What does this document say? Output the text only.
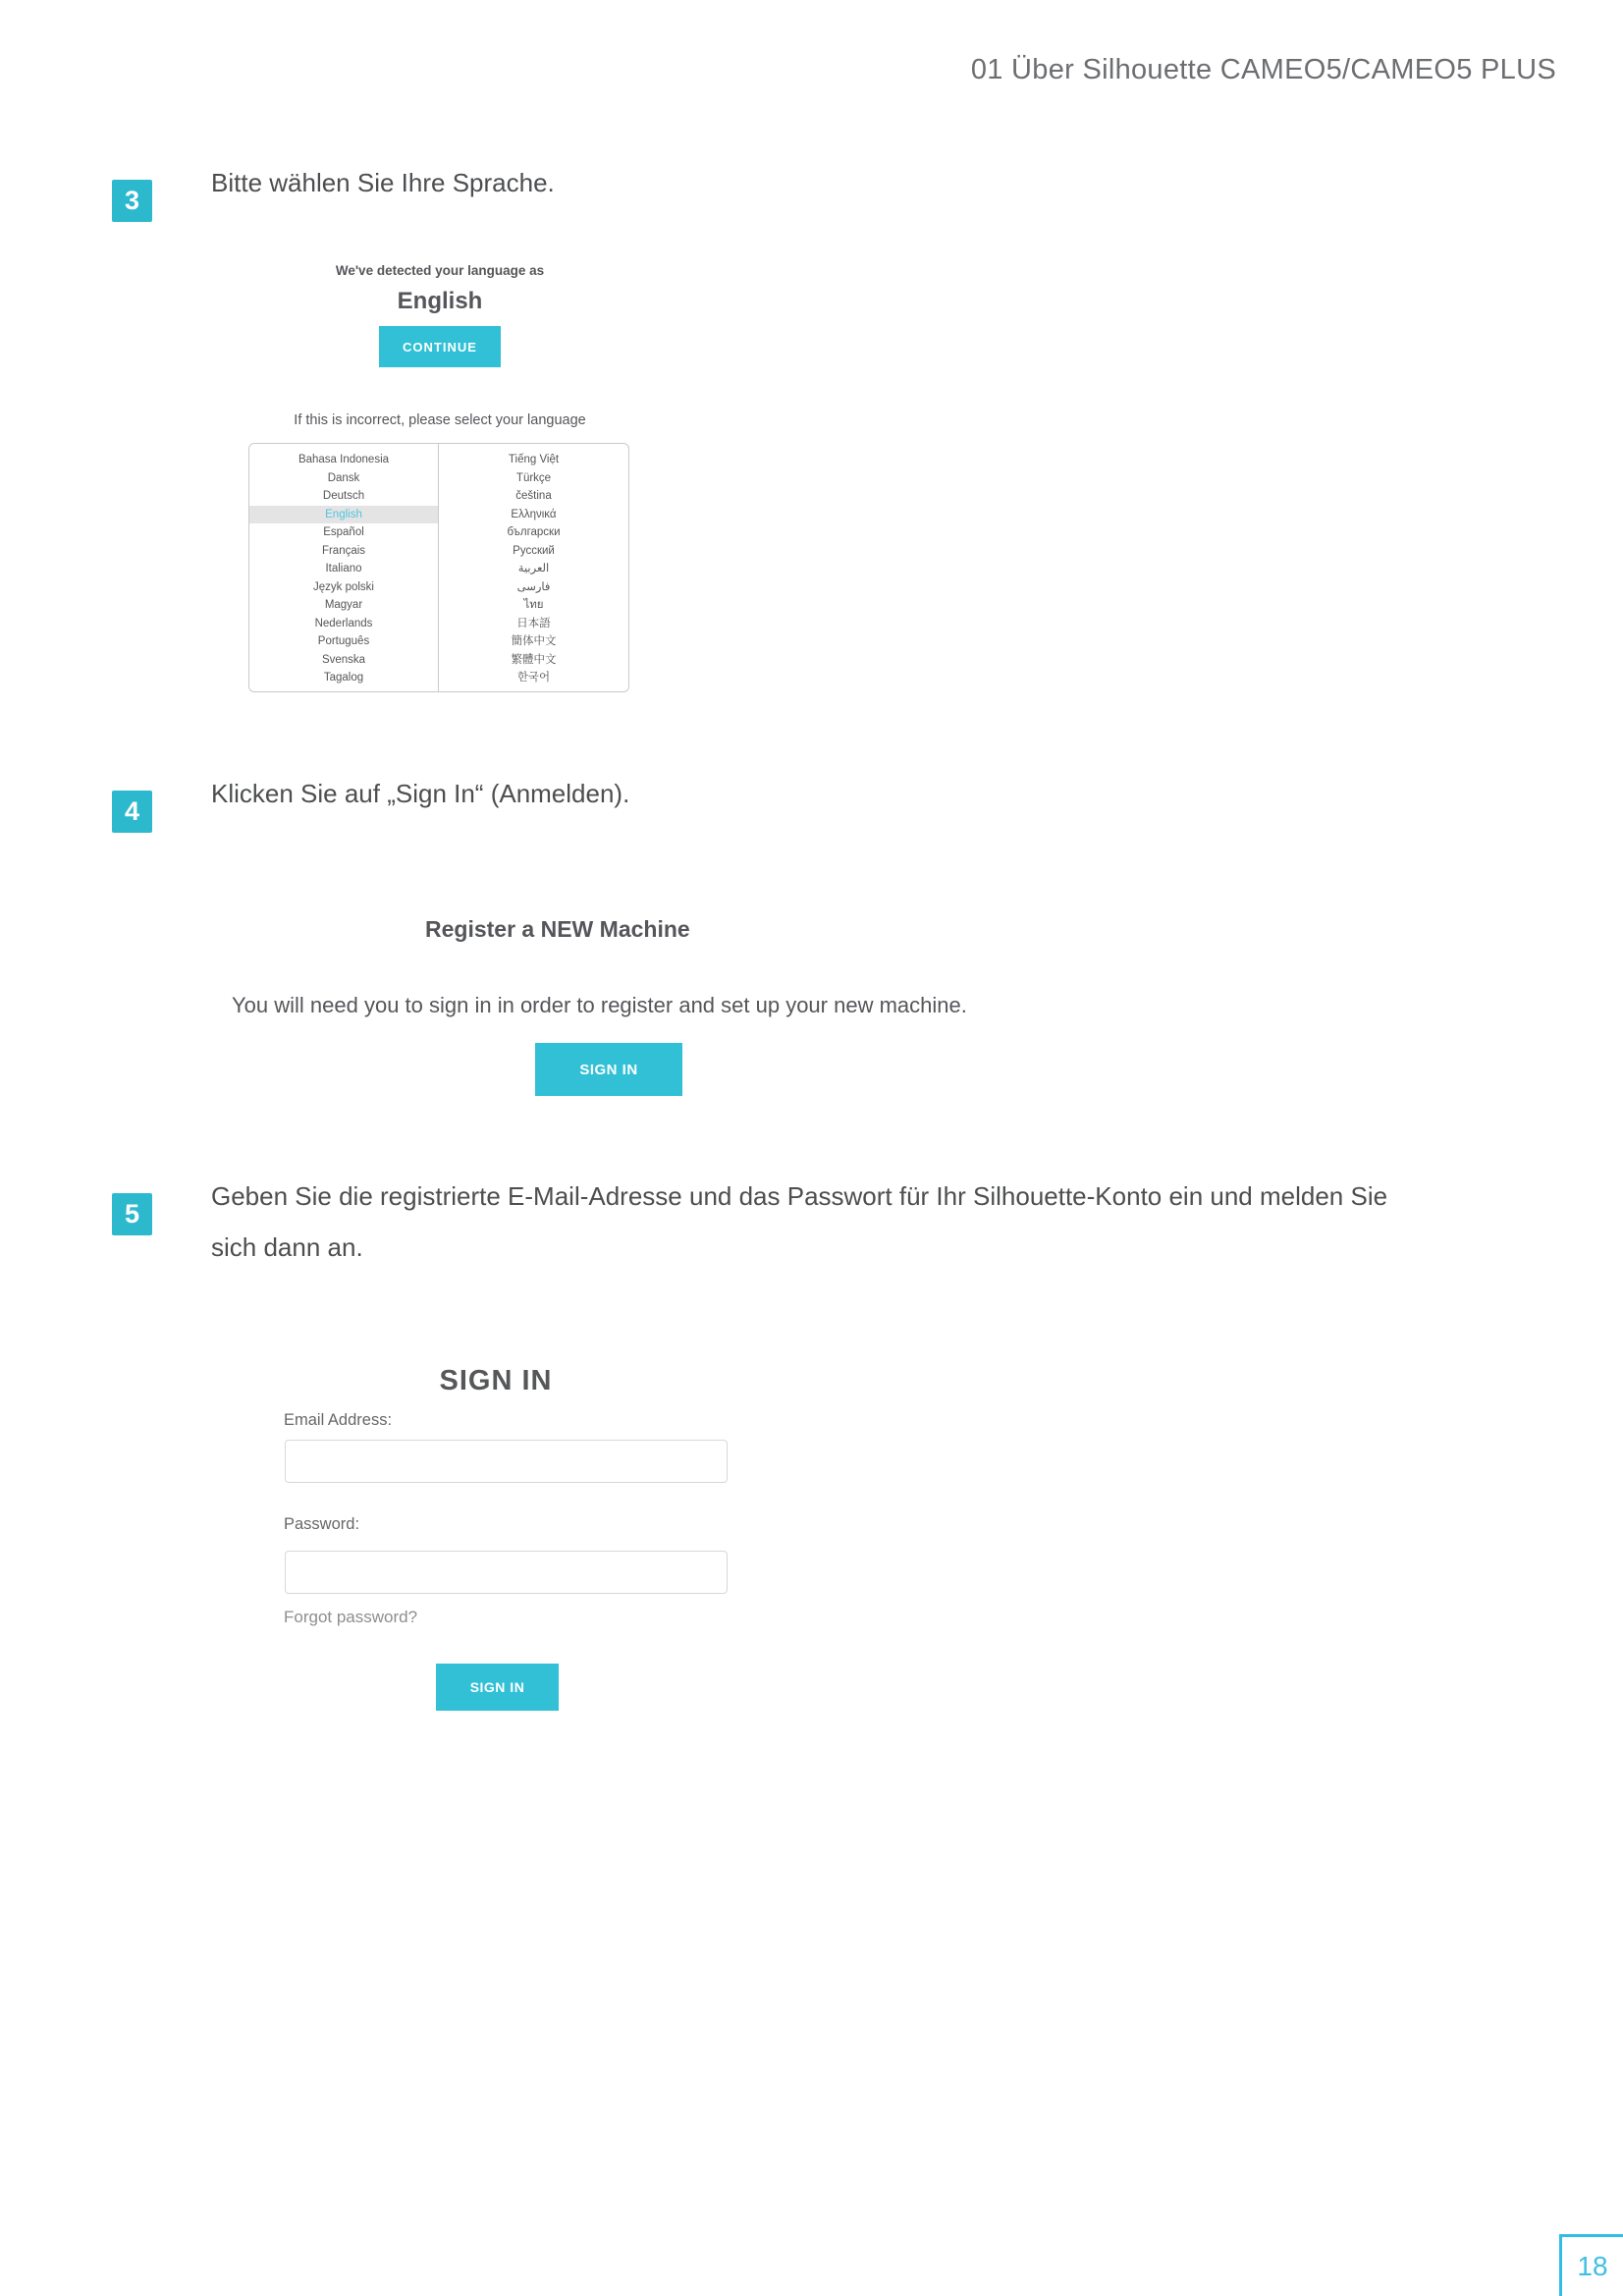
01 Über Silhouette CAMEO5/CAMEO5 PLUS
3
Bitte wählen Sie Ihre Sprache.
We've detected your language as
English
CONTINUE
If this is incorrect, please select your language
Bahasa Indonesia
Dansk
Deutsch
English
Español
Français
Italiano
Język polski
Magyar
Nederlands
Português
Svenska
Tagalog
Tiếng Việt
Türkçe
čeština
Ελληνικά
български
Русский
العربية
فارسی
ไทย
日本語
簡体中文
繁體中文
한국어
4
Klicken Sie auf „Sign In“ (Anmelden).
Register a NEW Machine
You will need you to sign in in order to register and set up your new machine.
SIGN IN
5
Geben Sie die registrierte E-Mail-Adresse und das Passwort für Ihr Silhouette-Konto ein und melden Sie
sich dann an.
SIGN IN
Email Address:
Password:
Forgot password?
SIGN IN
18
